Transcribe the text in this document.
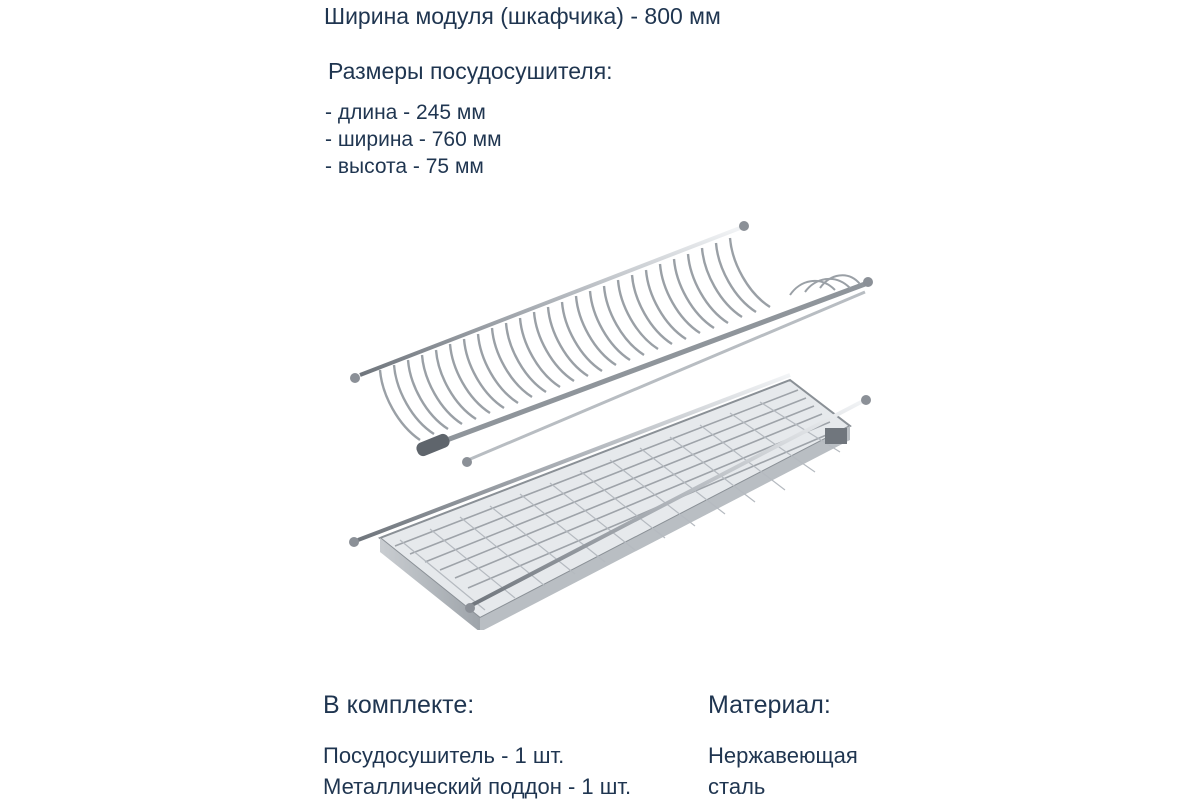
Ширина модуля (шкафчика) - 800 мм
Размеры посудосушителя:
- длина - 245 мм
- ширина - 760 мм
- высота - 75 мм
В комплекте:
Посудосушитель - 1 шт.
Металлический поддон - 1 шт.
Материал:
Нержавеющая
сталь
